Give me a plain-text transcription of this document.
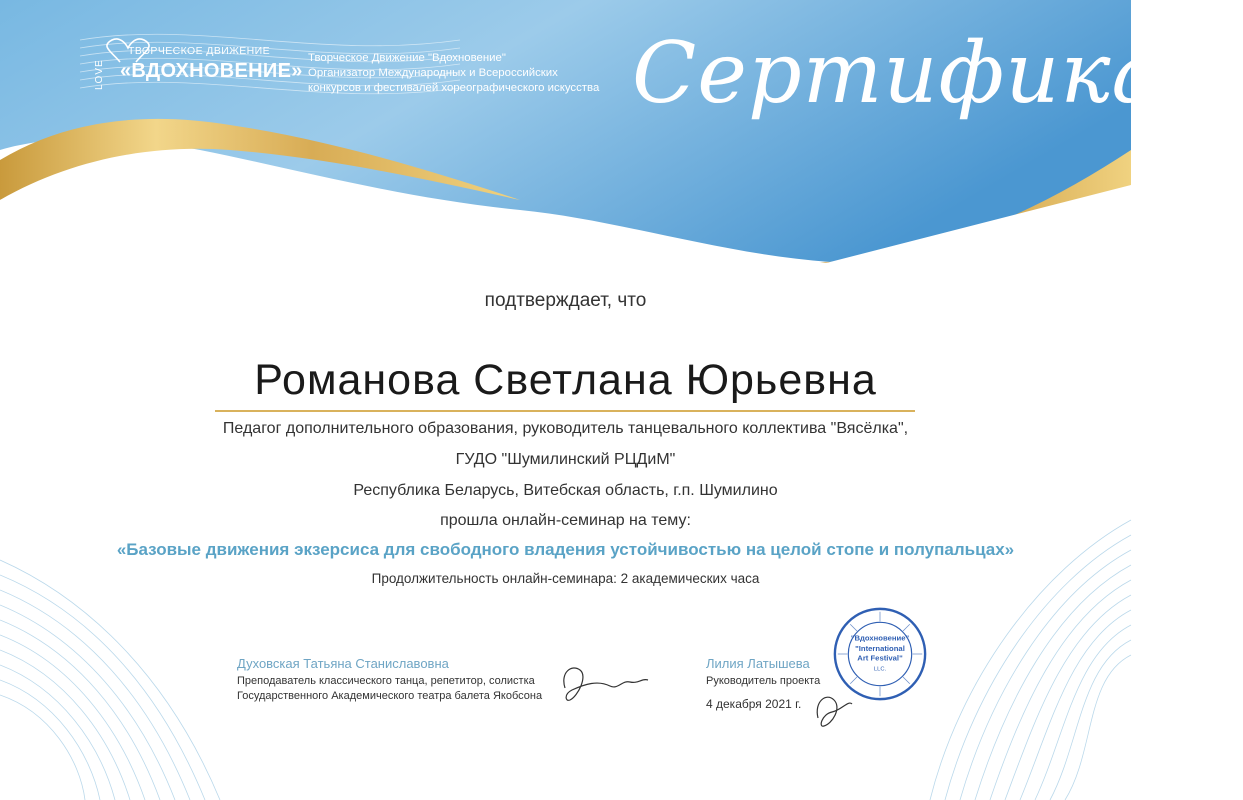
LOVE
ТВОРЧЕСКОЕ ДВИЖЕНИЕ
«ВДОХНОВЕНИЕ»
Творческое Движение "Вдохновение"
Организатор Международных и Всероссийских
конкурсов и фестивалей хореографического искусства Сертификат
подтверждает, что
Романова Светлана Юрьевна
Педагог дополнительного образования, руководитель танцевального коллектива "Вясёлка",
ГУДО "Шумилинский РЦДиМ"
Республика Беларусь, Витебская область, г.п. Шумилино
прошла онлайн-семинар на тему:
«Базовые движения экзерсиса для свободного владения устойчивостью на целой стопе и полупальцах»
Продолжительность онлайн-семинара: 2 академических часа
Духовская Татьяна Станиславовна
Преподаватель классического танца, репетитор, солистка
Государственного Академического театра балета Якобсона
Лилия Латышева
Руководитель проекта
4 декабря 2021 г.
"Вдохновение"
"International
Art Festival"
LLC.
